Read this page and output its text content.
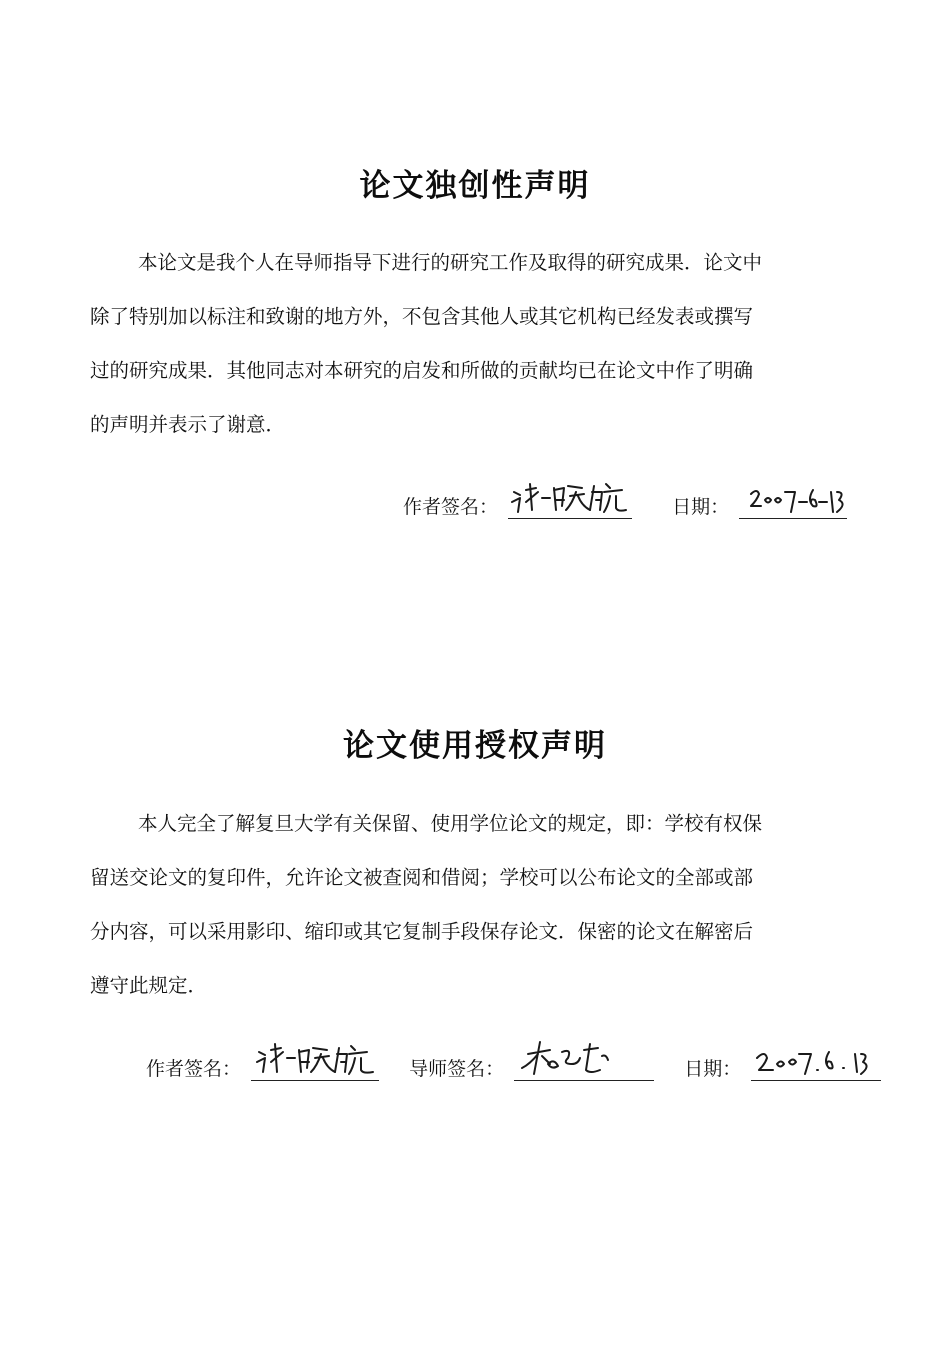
论文独创性声明
本论文是我个人在导师指导下进行的研究工作及取得的研究成果．论文中
除了特别加以标注和致谢的地方外，不包含其他人或其它机构已经发表或撰写
过的研究成果．其他同志对本研究的启发和所做的贡献均已在论文中作了明确
的声明并表示了谢意．
作者签名：	日期：
论文使用授权声明
本人完全了解复旦大学有关保留、使用学位论文的规定，即：学校有权保
留送交论文的复印件，允许论文被查阅和借阅；学校可以公布论文的全部或部
分内容，可以采用影印、缩印或其它复制手段保存论文．保密的论文在解密后
遵守此规定．
作者签名：	导师签名：	日期：
